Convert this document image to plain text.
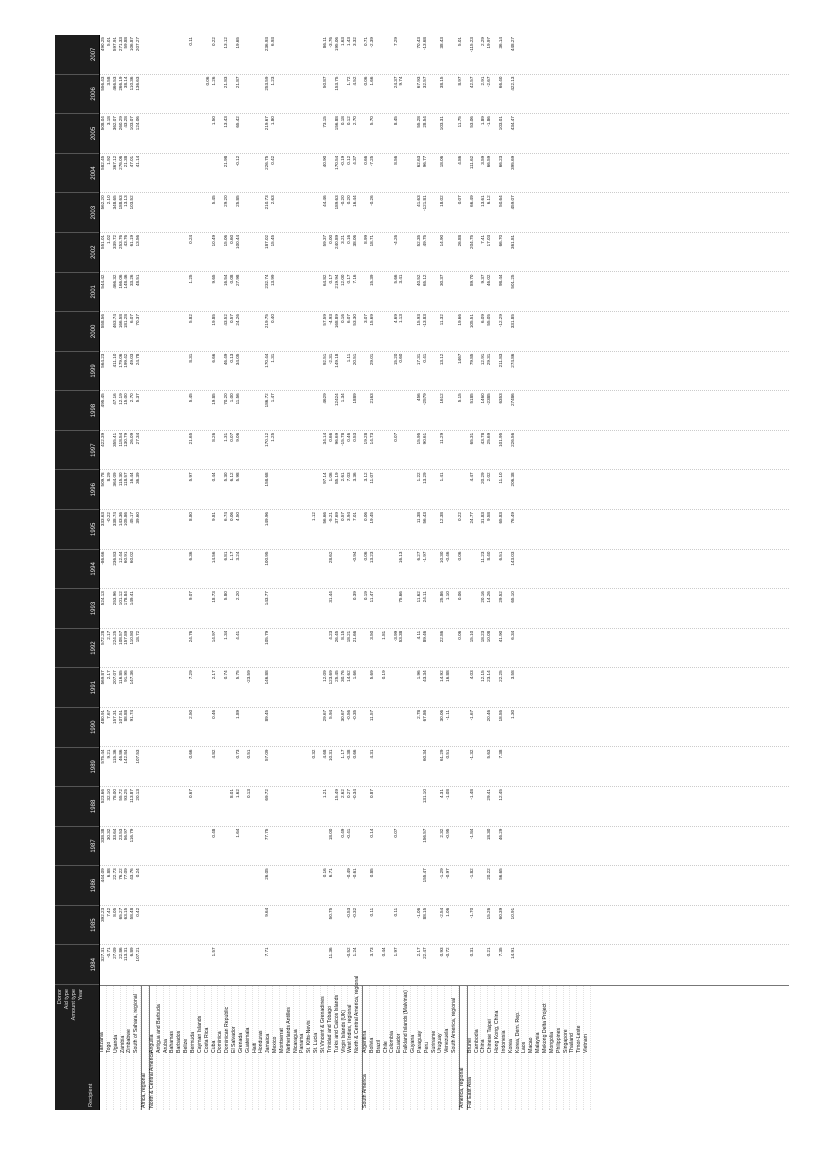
Donor Aid type Amount type Year
Recipient
1984
1985
1986
1987
1988
1989
1990
1991
1992
1993
1994
1995
1996
1997
1998
1999
2000
2001
2002
2003
2004
2005
2006
2007
Tanzania Togo Uganda Zambia Zimbabwe South of Sahara, regional
Africa, regional North & Central America
Anguilla Antigua and Barbuda Aruba Bahamas Barbados Belize Bermuda Cayman Islands Costa Rica Cuba Dominica Dominican Republic El Salvador Grenada Guatemala Haiti Honduras Jamaica Mexico Montserrat Netherlands Antilles Nicaragua Panama St. Kitts-Nevis St. Lucia St.Vincent & Grenadines Trinidad and Tobago Turks and Caicos Islands Virgin Islands (UK) West Indies, regional North & Central America, regional
South America
Argentina Bolivia Brazil Chile Colombia Ecuador Falkland Islands (Malvinas) Guyana Paraguay Peru Suriname Uruguay Venezuela South America, regional
America, regional Far East Asia
Brunei Cambodia China Chinese Taipei Hong Kong, China Indonesia Korea Korea, Dem. Rep. Laos Macao Malaysia Mekong Delta Project Mongolia Philippines Singapore Thailand Timor-Leste Vietnam
327.31
392.23
444.09
338.38
523.66
575.44
480.91
569.87
572.28
524.13
-86.66
333.63
509.78
422.39
495.45
564.23
558.56
544.42
551.01
562.20
582.45
508.04
556.43
490.25
-0.71
7.42
6.88
30.32
32.10
9.21
7.67
2.17
2.17
-0.22
8.29
1.02
2.10
1.92
3.18
3.58
5.01
27.09
8.05
22.73
33.64
78.00
115.36
157.31
207.07
224.25
253.96
236.83
338.74
364.09
355.41
47.16
411.10
463.74
466.32
339.72
348.65
367.12
362.07
466.53
597.91
22.86
65.27
76.22
23.53
55.72
46.86
107.51
116.85
108.57
101.12
12.44
143.36
115.30
118.54
12.19
179.06
166.58
166.06
253.76
188.63
276.06
260.29
266.19
271.33
113.31
63.15
77.09
56.97
93.25
142.84
88.88
91.95
157.89
178.84
60.91
105.86
118.57
130.79
15.00
199.42
181.28
148.46
43.76
13.13
21.38
43.28
38.14
59.88
6.89
58.48
43.76
116.79
113.87
91.74
147.36
110.80
149.41
60.02
45.17
16.44
26.09
2.70
49.03
6.07
33.26
61.19
103.52
47.01
103.07
110.36
106.87
107.21
0.42
0.24
20.13
107.53
18.72
39.60
36.39
27.34
5.37
24.78
70.37
48.51
13.56
41.14
124.06
136.63
207.27
0.67
0.66
2.50
7.29
24.76
9.07
6.36
8.80
5.97
21.65
5.45
8.31
5.82
1.25
0.24
0.11
0.06
1.57
0.48
4.82
0.46
2.17
14.97
18.73
14.56
9.81
0.44
8.26
19.85
6.66
19.85
9.65
10.49
5.45
1.50
1.26
0.22
0.74
1.34
5.80
6.81
6.74
5.30
1.31
70.20
46.49
43.52
16.54
15.06
29.20
21.98
13.43
21.83
13.12
8.01
1.17
0.06
6.12
0.07
1.00
0.13
0.57
0.08
0.60
1.64
1.62
0.73
1.89
5.75
4.41
2.20
3.24
4.50
5.98
9.06
11.56
34.05
24.26
27.98
100.44
25.85
-0.12
65.42
21.87
19.65
0.13
0.51
-23.59
7.71
9.64
26.05
77.75
69.72
57.09
89.45
146.88
105.79
143.77
100.95
149.96
158.68
170.12
186.72
170.44
219.75
232.74
187.02
210.73
226.75
219.67
253.59
236.93
1.25
1.47
1.31
0.40
13.99
15.45
2.63
0.42
1.80
1.23
6.93
0.32
1.12
0.16
1.21
4.68
29.67
12.09
56.66
97.14
34.14
4629
92.51
57.59
64.82
59.37
44.46
40.90
73.15
50.87
86.11
11.36
50.75
6.71
18.00
10.31
5.94
123.69
4.23
31.44
28.62
-5.21
1.06
0.66
-2.31
-4.93
0.17
0.00
-3.76
15.49
25.45
26.45
37.69
85.19
96.69
12424
149.18
168.89
219.94
240.89
189.63
170.54
156.88
153.75
195.06
0.49
2.62
1.17
30.67
30.76
8.15
0.57
2.61
-15.78
1.34
0.16
12.00
3.21
-0.20
-0.19
0.18
1.63
-0.52
-0.53
-0.49
-0.41
0.27
-0.38
-0.56
14.62
18.21
3.94
7.03
0.46
1.11
6.07
0.17
0.16
0.20
0.12
0.12
1.72
1.43
1.24
-0.32
-0.61
-0.34
0.66
-0.35
1.66
21.66
0.39
-0.94
7.01
3.36
0.53
1889
20.51
53.30
7.16
38.06
16.44
4.37
2.70
4.52
3.32
0.19
0.06
0.06
3.12
19.28
3.07
8.99
0.66
0.06
0.71
3.73
0.11
0.85
0.14
0.87
4.31
11.57
5.69
3.50
11.47
13.23
19.45
11.07
14.73
2163
29.01
15.69
15.39
18.71
-0.26
-7.25
5.70
1.66
-2.39
0.44
0.19
1.81
1.97
0.11
0.07
-3.99
0.07
15.20
4.69
5.66
-4.26
8.56
8.45
24.37
7.29
53.38
75.66
16.13
0.60
1.13
3.41
9.74
2.17
-1.06
2.78
1.96
4.11
11.62
6.27
11.38
1.22
15.95
456
17.31
15.93
40.52
52.35
41.63
62.63
55.28
67.93
70.43
22.47
88.15
155.47
156.57
131.10
60.34
67.86
43.34
89.46
24.11
-1.97
56.43
13.29
90.61
-2579
0.41
-13.83
65.12
49.75
-121.81
96.77
28.54
32.57
-13.68
0.93
-2.54
-1.29
2.32
4.31
61.29
30.06
14.92
22.86
25.86
10.30
12.38
1.41
11.29
1612
13.12
11.32
30.37
14.90
18.02
18.06
103.31
38.15
38.43
-0.72
1.06
-0.97
-0.95
-1.08
0.51
-1.11
16.88
1.10
-0.46
0.06
0.06
0.06
0.22
5.15
1467
19.66
26.88
0.07
4.86
11.75
8.97
5.01
0.31
-1.70
-1.82
-1.84
-1.48
-1.32
-1.67
4.03
15.10
24.77
4.47
65.31
5185
79.85
105.51
89.70
204.75
66.49
111.62
53.06
42.57
-115.23
12.15
18.23
20.16
11.23
31.83
20.29
43.78
1460
12.91
6.09
9.37
7.41
13.61
3.59
1.89
2.91
2.29
0.21
15.26
20.22
18.30
29.41
5.63
20.46
23.14
10.08
14.26
8.40
9.58
2.02
25.69
-2385
29.31
55.05
46.02
17.03
6.12
66.59
-1.86
-2.67
19.97
7.35
60.39
56.65
46.29
12.45
7.38
18.55
22.25
41.90
29.52
6.51
65.83
11.10
101.95
6353
211.83
-12.29
98.44
66.70
50.64
66.23
103.01
66.40
36.14
14.91
10.91
1.30
3.58
6.34
65.10
143.03
76.49
206.38
226.56
27486
274.86
331.85
501.25
361.81
459.07
395.69
434.47
422.13
448.27
